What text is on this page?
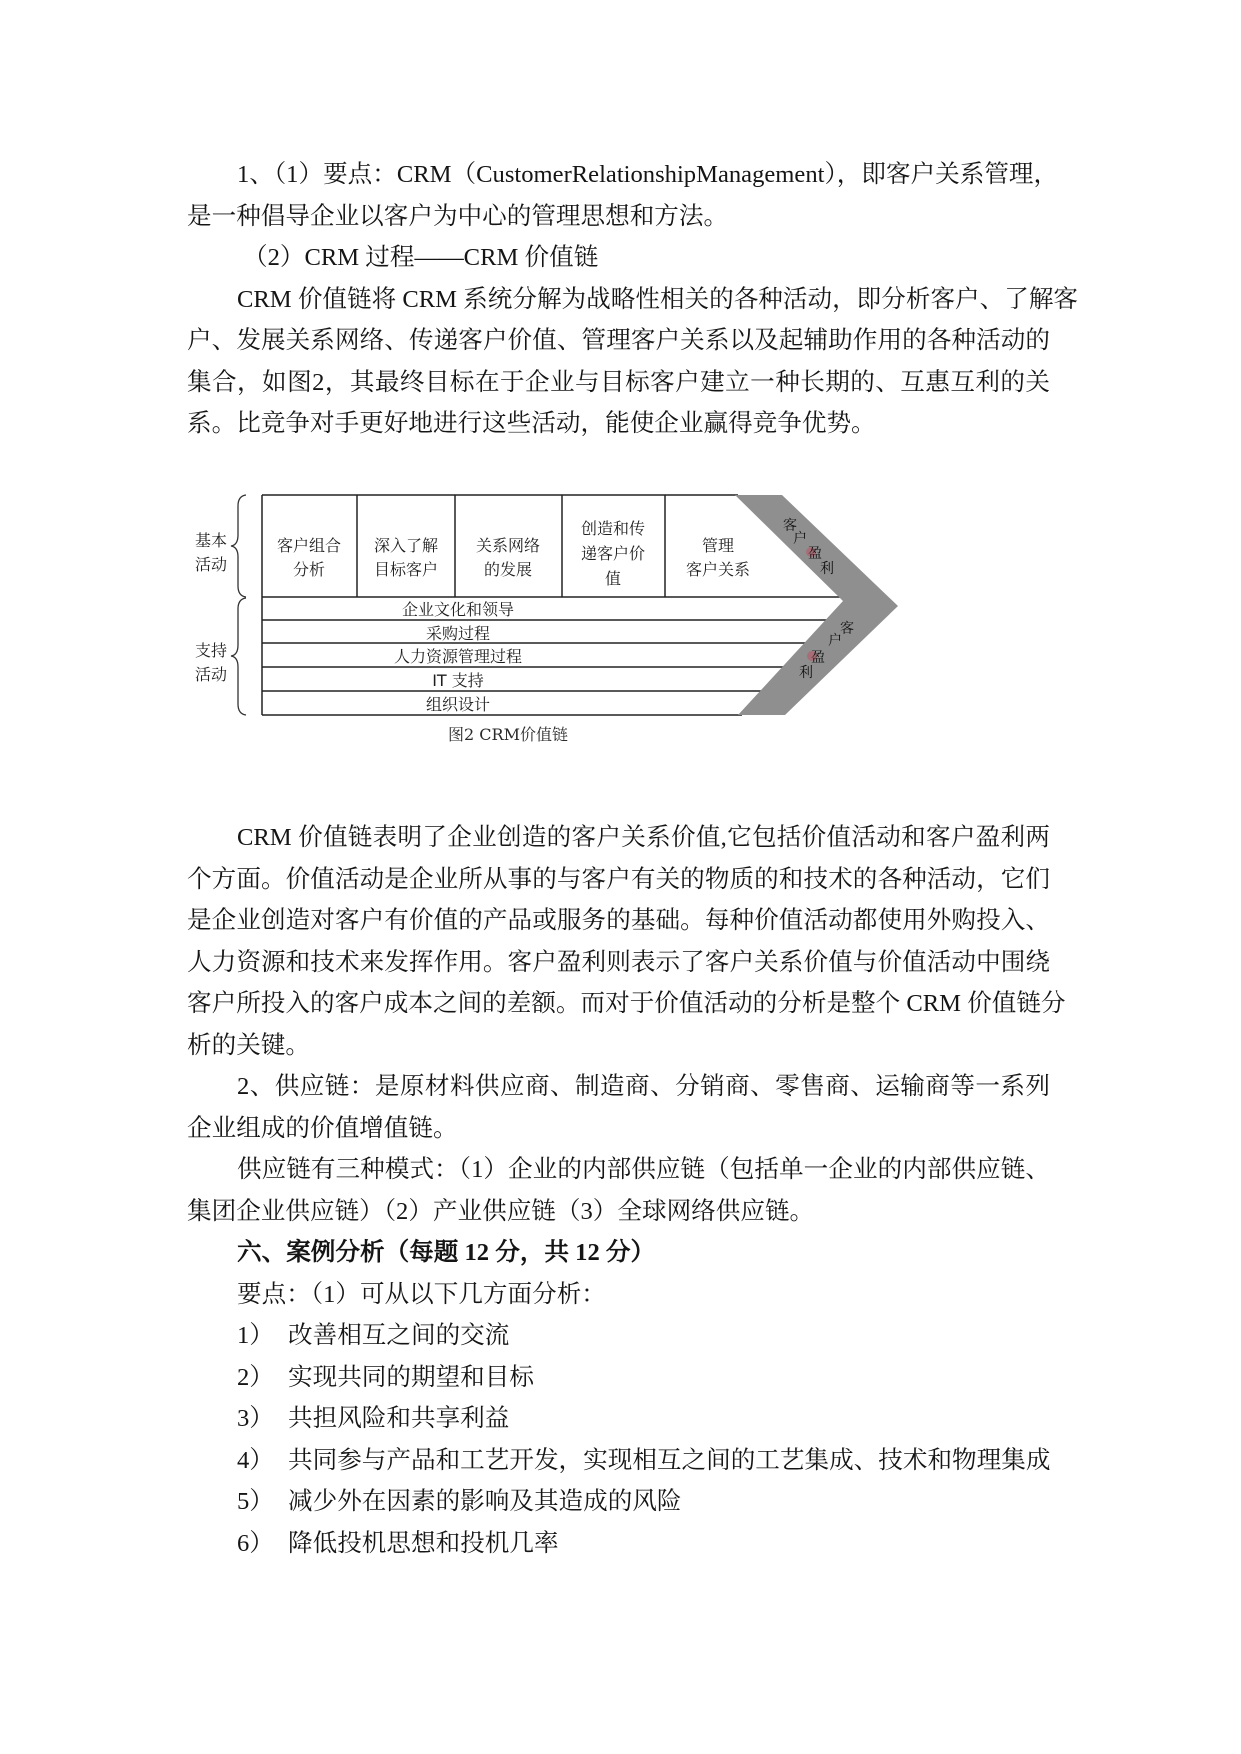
1、（1）要点：CRM（CustomerRelationshipManagement），即客户关系管理，
是一种倡导企业以客户为中心的管理思想和方法。
（2）CRM 过程——CRM 价值链
CRM 价值链将 CRM 系统分解为战略性相关的各种活动，即分析客户、了解客
户、发展关系网络、传递客户价值、管理客户关系以及起辅助作用的各种活动的
集合，如图2，其最终目标在于企业与目标客户建立一种长期的、互惠互利的关
系。比竞争对手更好地进行这些活动，能使企业赢得竞争优势。
基本
活动
支持
活动
客户组合
分析
深入了解
目标客户
关系网络
的发展
创造和传
递客户价
值
管理
客户关系
企业文化和领导
采购过程
人力资源管理过程
IT 支持
组织设计
客
户
盈
利
客
户
盈
利
图2 CRM价值链
CRM 价值链表明了企业创造的客户关系价值,它包括价值活动和客户盈利两
个方面。价值活动是企业所从事的与客户有关的物质的和技术的各种活动，它们
是企业创造对客户有价值的产品或服务的基础。每种价值活动都使用外购投入、
人力资源和技术来发挥作用。客户盈利则表示了客户关系价值与价值活动中围绕
客户所投入的客户成本之间的差额。而对于价值活动的分析是整个 CRM 价值链分
析的关键。
2、供应链：是原材料供应商、制造商、分销商、零售商、运输商等一系列
企业组成的价值增值链。
供应链有三种模式：（1）企业的内部供应链（包括单一企业的内部供应链、
集团企业供应链）（2）产业供应链（3）全球网络供应链。
六、案例分析（每题 12 分，共 12 分）
要点：（1）可从以下几方面分析：
1） 改善相互之间的交流
2） 实现共同的期望和目标
3） 共担风险和共享利益
4） 共同参与产品和工艺开发，实现相互之间的工艺集成、技术和物理集成
5） 减少外在因素的影响及其造成的风险
6） 降低投机思想和投机几率
